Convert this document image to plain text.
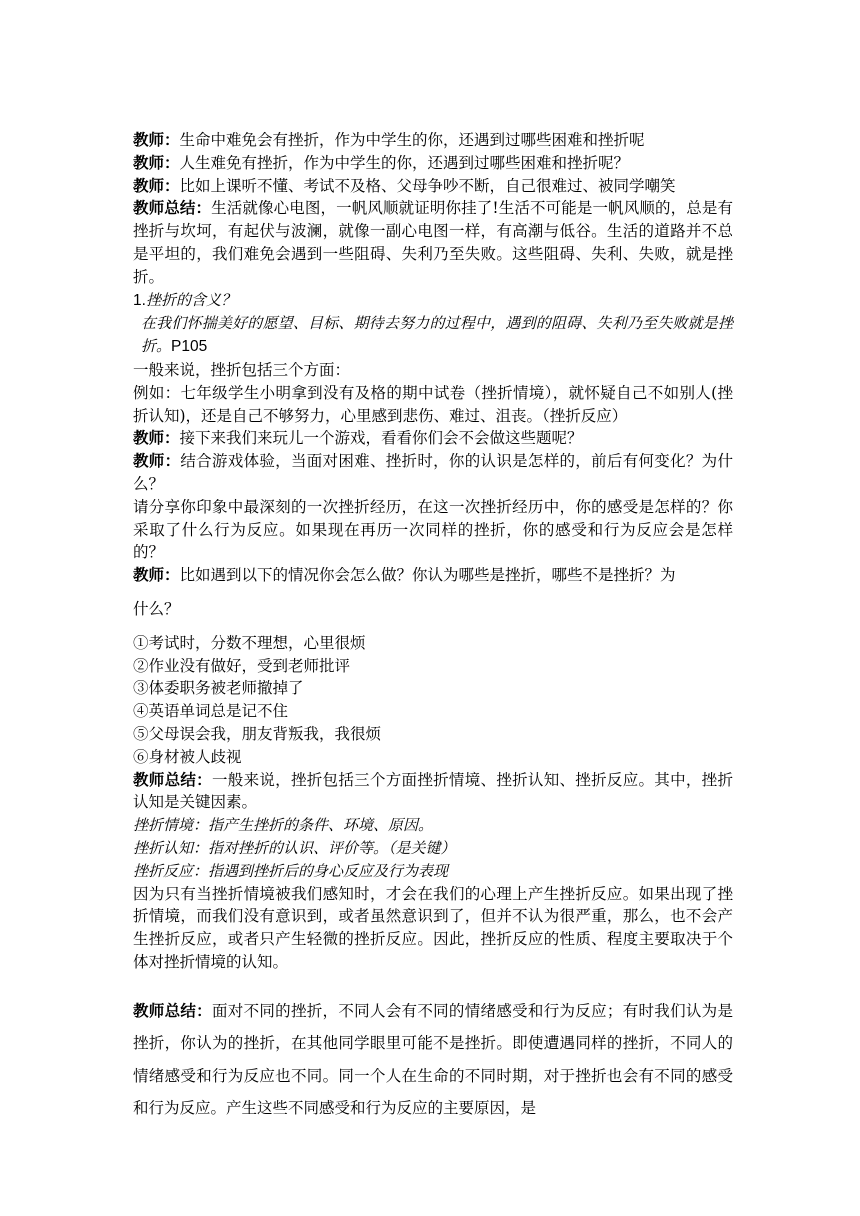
教师：生命中难免会有挫折，作为中学生的你，还遇到过哪些困难和挫折呢

教师：人生难免有挫折，作为中学生的你，还遇到过哪些困难和挫折呢？

教师：比如上课听不懂、考试不及格、父母争吵不断，自己很难过、被同学嘲笑

教师总结：生活就像心电图，一帆风顺就证明你挂了!生活不可能是一帆风顺的，总是有挫折与坎坷，有起伏与波澜，就像一副心电图一样，有高潮与低谷。生活的道路并不总是平坦的，我们难免会遇到一些阻碍、失利乃至失败。这些阻碍、失利、失败，就是挫折。

1.挫折的含义？

在我们怀揣美好的愿望、目标、期待去努力的过程中，遇到的阻碍、失利乃至失败就是挫折。P105

一般来说，挫折包括三个方面：

例如：七年级学生小明拿到没有及格的期中试卷（挫折情境），就怀疑自己不如别人(挫折认知)，还是自己不够努力，心里感到悲伤、难过、沮丧。（挫折反应）

教师：接下来我们来玩儿一个游戏，看看你们会不会做这些题呢？

教师：结合游戏体验，当面对困难、挫折时，你的认识是怎样的，前后有何变化？为什么？

请分享你印象中最深刻的一次挫折经历，在这一次挫折经历中，你的感受是怎样的？你采取了什么行为反应。如果现在再历一次同样的挫折，你的感受和行为反应会是怎样的？

教师：比如遇到以下的情况你会怎么做？你认为哪些是挫折，哪些不是挫折？为

什么？

①考试时，分数不理想，心里很烦

②作业没有做好，受到老师批评

③体委职务被老师撤掉了

④英语单词总是记不住

⑤父母误会我，朋友背叛我，我很烦

⑥身材被人歧视

教师总结：一般来说，挫折包括三个方面挫折情境、挫折认知、挫折反应。其中，挫折认知是关键因素。

挫折情境：指产生挫折的条件、环境、原因。

挫折认知：指对挫折的认识、评价等。（是关键）

挫折反应：指遇到挫折后的身心反应及行为表现

因为只有当挫折情境被我们感知时，才会在我们的心理上产生挫折反应。如果出现了挫折情境，而我们没有意识到，或者虽然意识到了，但并不认为很严重，那么，也不会产生挫折反应，或者只产生轻微的挫折反应。因此，挫折反应的性质、程度主要取决于个体对挫折情境的认知。

教师总结：面对不同的挫折，不同人会有不同的情绪感受和行为反应；有时我们认为是挫折，你认为的挫折，在其他同学眼里可能不是挫折。即使遭遇同样的挫折，不同人的情绪感受和行为反应也不同。同一个人在生命的不同时期，对于挫折也会有不同的感受和行为反应。产生这些不同感受和行为反应的主要原因，是
